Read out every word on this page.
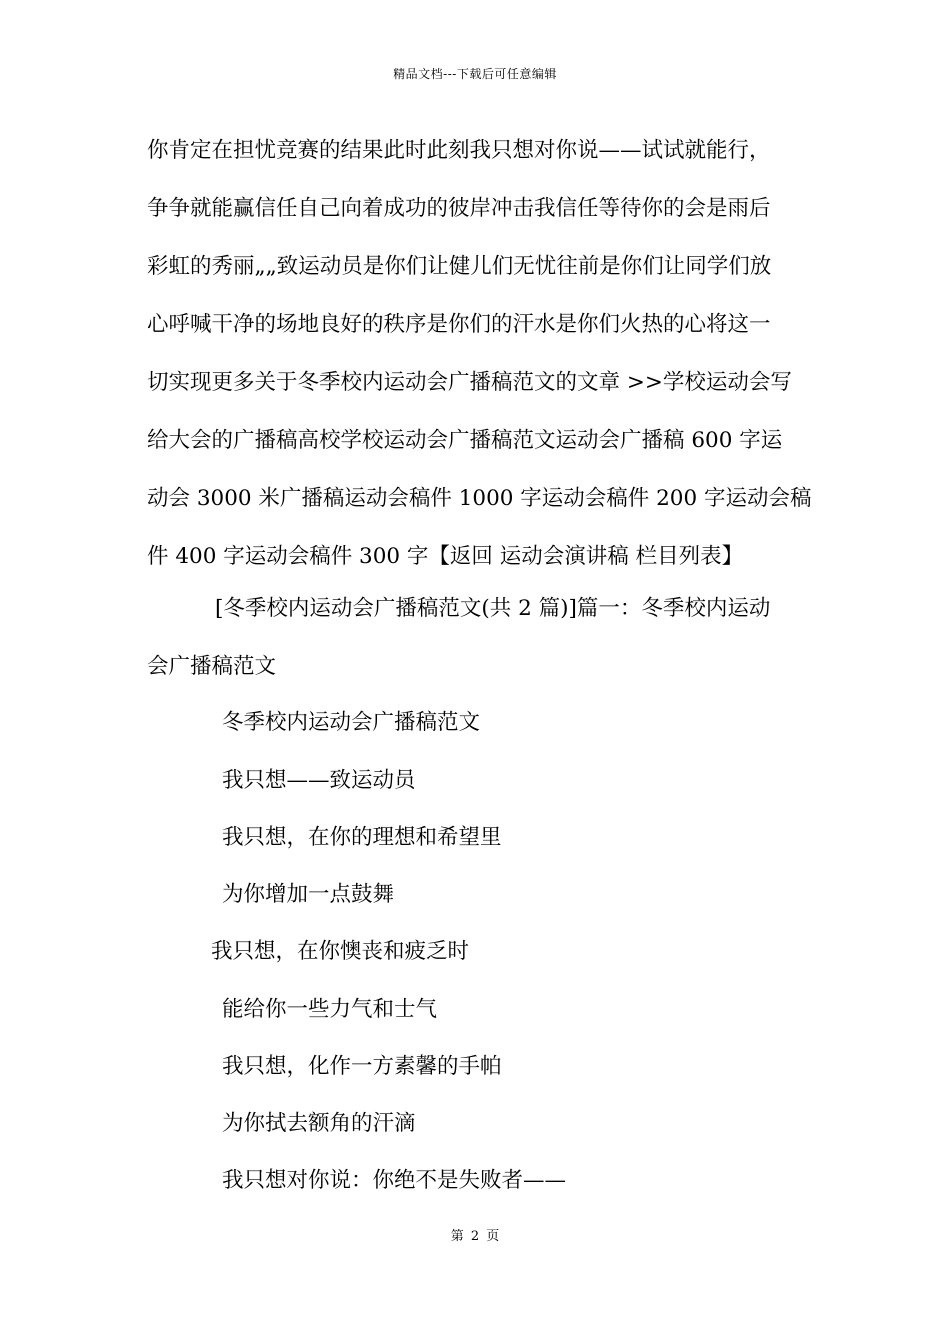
精品文档---下载后可任意编辑
你肯定在担忧竞赛的结果此时此刻我只想对你说——试试就能行，
争争就能赢信任自己向着成功的彼岸冲击我信任等待你的会是雨后
彩虹的秀丽„„致运动员是你们让健儿们无忧往前是你们让同学们放
心呼喊干净的场地良好的秩序是你们的汗水是你们火热的心将这一
切实现更多关于冬季校内运动会广播稿范文的文章 >>学校运动会写
给大会的广播稿高校学校运动会广播稿范文运动会广播稿 600 字运
动会 3000 米广播稿运动会稿件 1000 字运动会稿件 200 字运动会稿
件 400 字运动会稿件 300 字【返回 运动会演讲稿 栏目列表】
[冬季校内运动会广播稿范文(共 2 篇)]篇一：冬季校内运动
会广播稿范文
冬季校内运动会广播稿范文
我只想——致运动员
我只想，在你的理想和希望里
为你增加一点鼓舞
我只想，在你懊丧和疲乏时
能给你一些力气和士气
我只想，化作一方素馨的手帕
为你拭去额角的汗滴
我只想对你说：你绝不是失败者——
第 2 页
